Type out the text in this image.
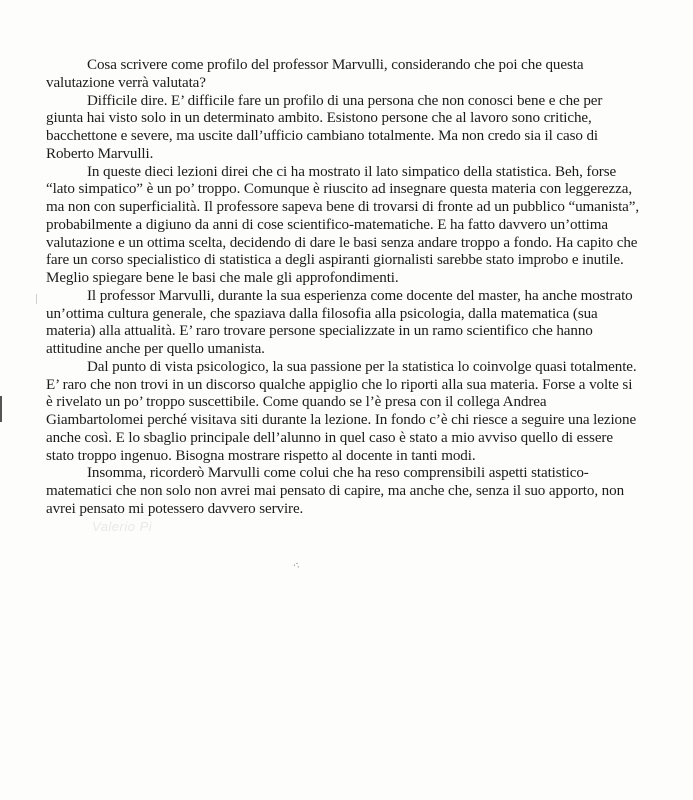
Cosa scrivere come profilo del professor Marvulli, considerando che poi che questa
valutazione verrà valutata?
Difficile dire. E’ difficile fare un profilo di una persona che non conosci bene e che per
giunta hai visto solo in un determinato ambito. Esistono persone che al lavoro sono critiche,
bacchettone e severe, ma uscite dall’ufficio cambiano totalmente. Ma non credo sia il caso di
Roberto Marvulli.
In queste dieci lezioni direi che ci ha mostrato il lato simpatico della statistica. Beh, forse
“lato simpatico” è un po’ troppo. Comunque è riuscito ad insegnare questa materia con leggerezza,
ma non con superficialità. Il professore sapeva bene di trovarsi di fronte ad un pubblico “umanista”,
probabilmente a digiuno da anni di cose scientifico-matematiche. E ha fatto davvero un’ottima
valutazione e un ottima scelta, decidendo di dare le basi senza andare troppo a fondo. Ha capito che
fare un corso specialistico di statistica a degli aspiranti giornalisti sarebbe stato improbo e inutile.
Meglio spiegare bene le basi che male gli approfondimenti.
Il professor Marvulli, durante la sua esperienza come docente del master, ha anche mostrato
un’ottima cultura generale, che spaziava dalla filosofia alla psicologia, dalla matematica (sua
materia) alla attualità. E’ raro trovare persone specializzate in un ramo scientifico che hanno
attitudine anche per quello umanista.
Dal punto di vista psicologico, la sua passione per la statistica lo coinvolge quasi totalmente.
E’ raro che non trovi in un discorso qualche appiglio che lo riporti alla sua materia. Forse a volte si
è rivelato un po’ troppo suscettibile. Come quando se l’è presa con il collega Andrea
Giambartolomei perché visitava siti durante la lezione. In fondo c’è chi riesce a seguire una lezione
anche così. E lo sbaglio principale dell’alunno in quel caso è stato a mio avviso quello di essere
stato troppo ingenuo. Bisogna mostrare rispetto al docente in tanti modi.
Insomma, ricorderò Marvulli come colui che ha reso comprensibili aspetti statistico-
matematici che non solo non avrei mai pensato di capire, ma anche che, senza il suo apporto, non
avrei pensato mi potessero davvero servire.
Valerio Pi
·:
